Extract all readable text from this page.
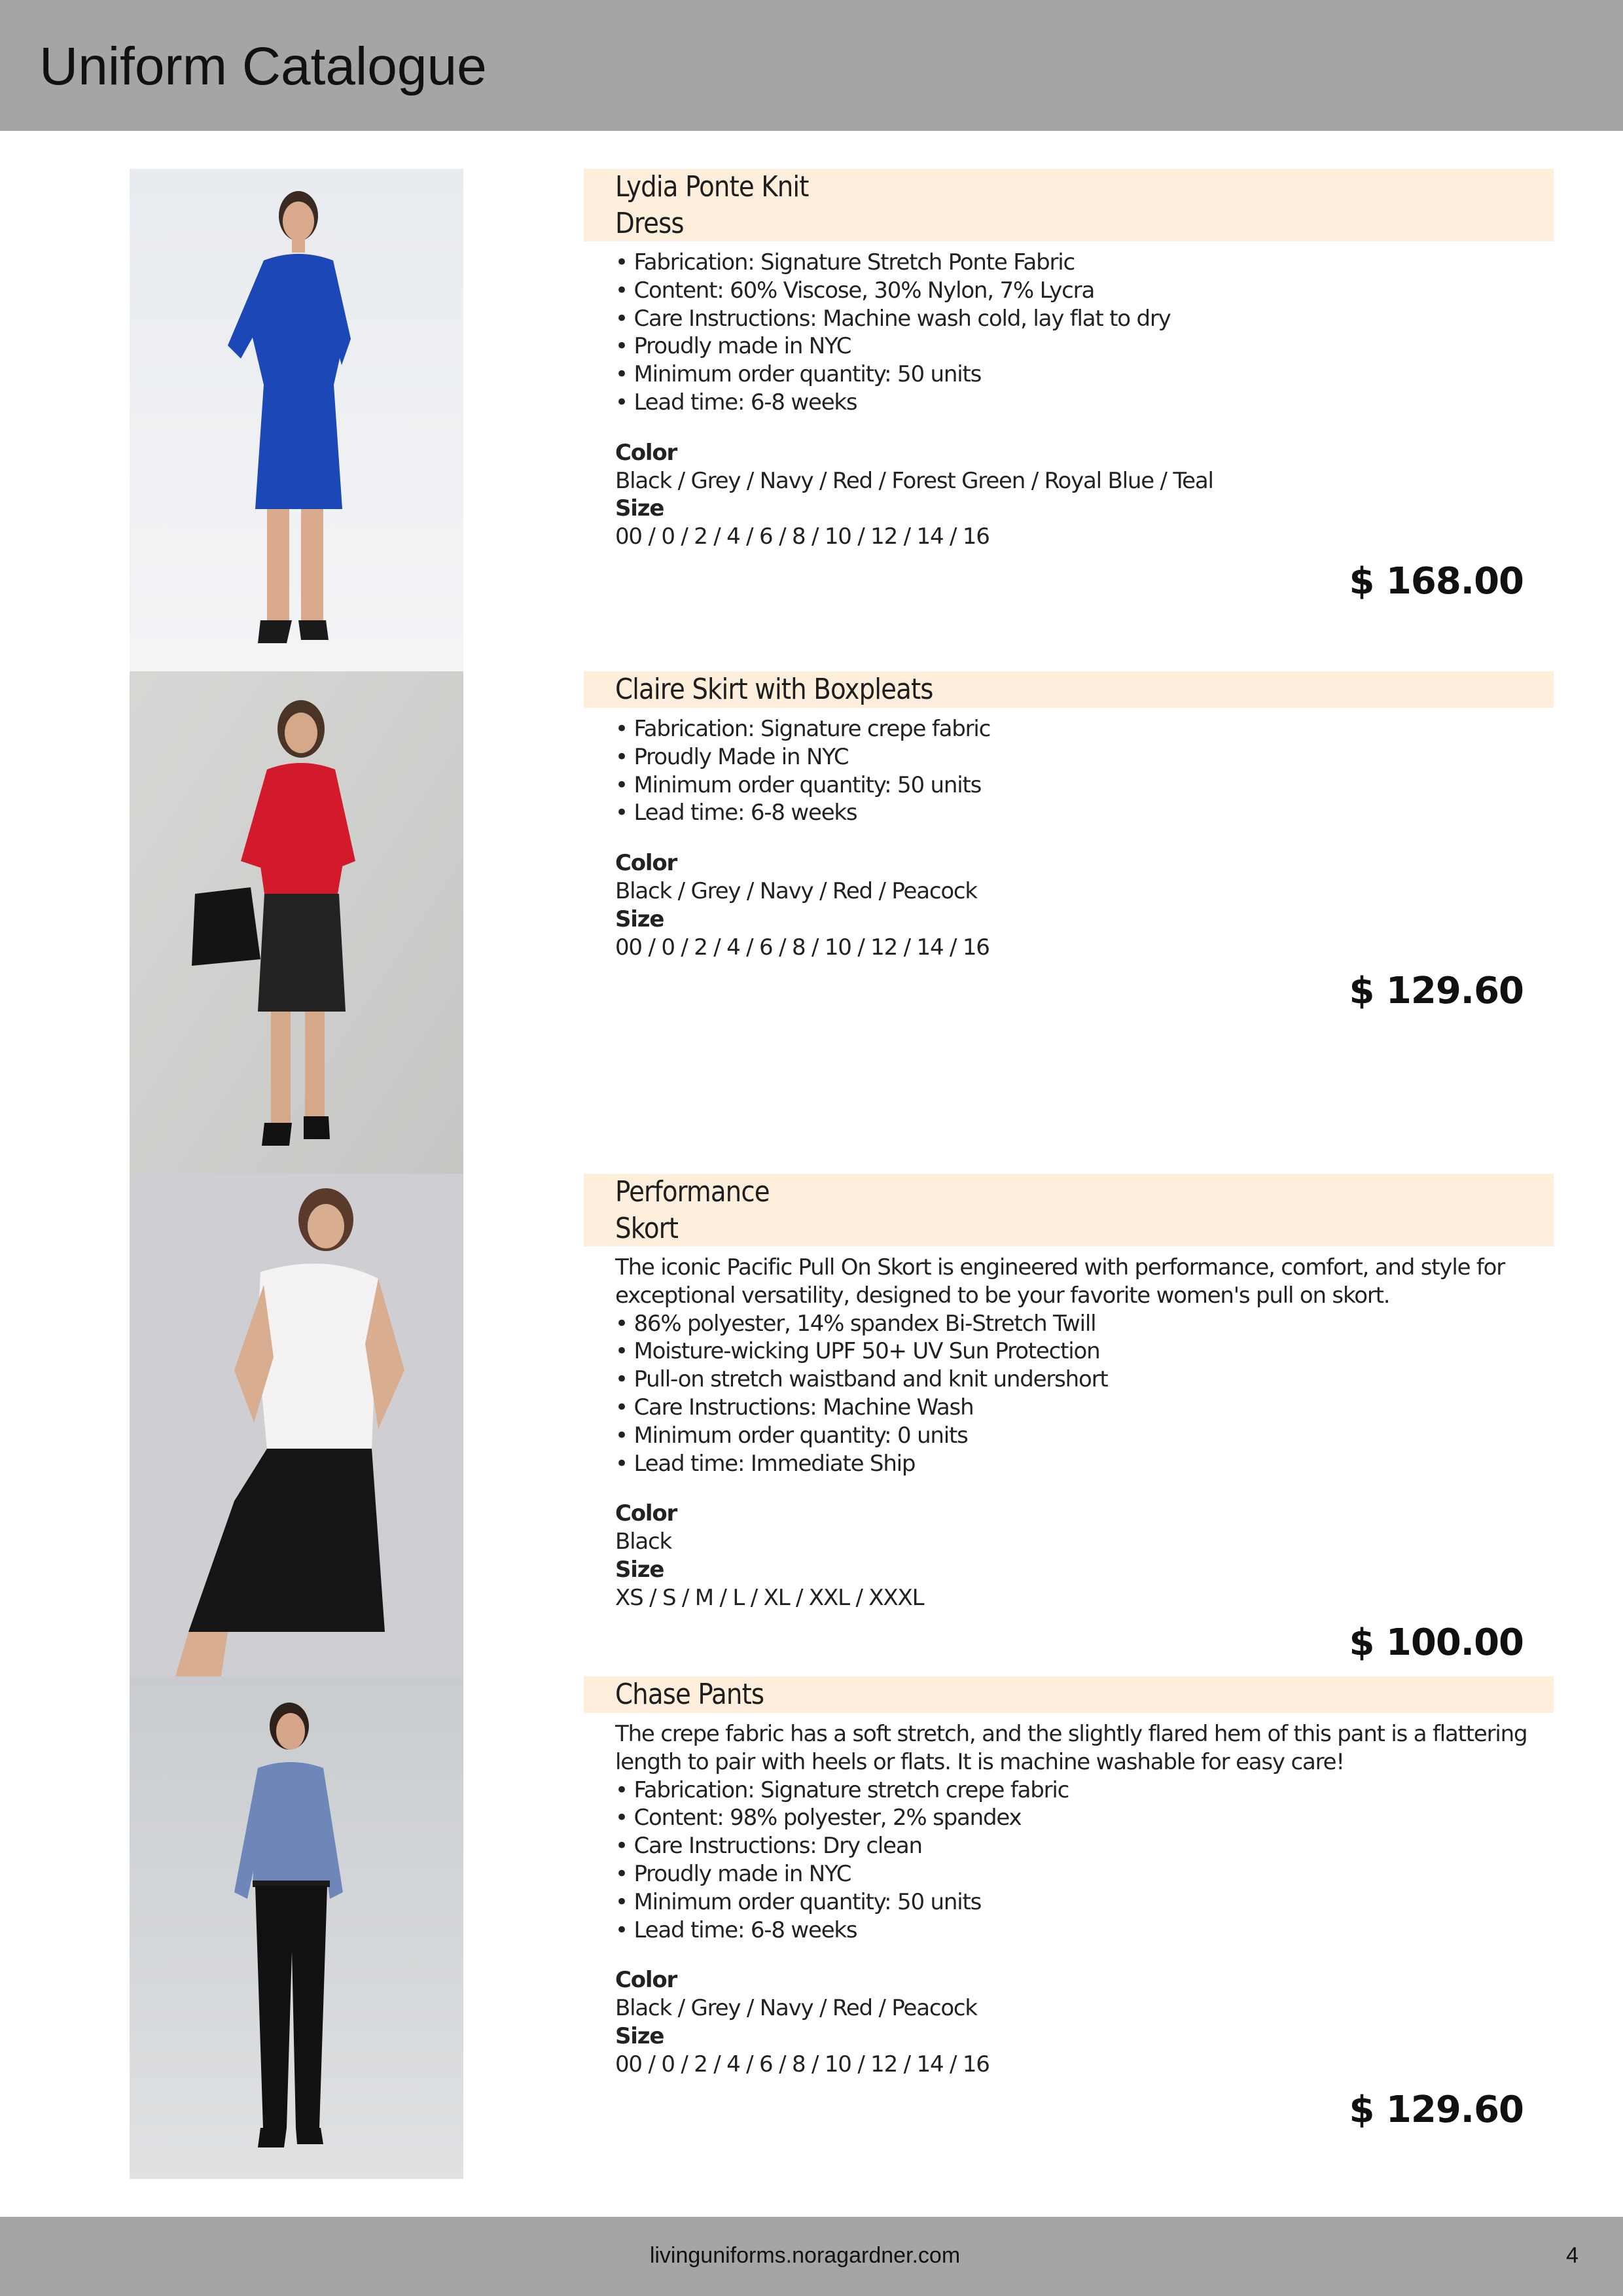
Uniform Catalogue
Lydia Ponte Knit
Dress
• Fabrication: Signature Stretch Ponte Fabric
• Content: 60% Viscose, 30% Nylon, 7% Lycra
• Care Instructions: Machine wash cold, lay flat to dry
• Proudly made in NYC
• Minimum order quantity: 50 units
• Lead time: 6-8 weeks
Color
Black / Grey / Navy / Red / Forest Green / Royal Blue / Teal
Size
00 / 0 / 2 / 4 / 6 / 8 / 10 / 12 / 14 / 16
$ 168.00
Claire Skirt with Boxpleats
• Fabrication: Signature crepe fabric
• Proudly Made in NYC
• Minimum order quantity: 50 units
• Lead time: 6-8 weeks
Color
Black / Grey / Navy / Red / Peacock
Size
00 / 0 / 2 / 4 / 6 / 8 / 10 / 12 / 14 / 16
$ 129.60
Performance
Skort
The iconic Pacific Pull On Skort is engineered with performance, comfort, and style for
exceptional versatility, designed to be your favorite women's pull on skort.
• 86% polyester, 14% spandex Bi-Stretch Twill
• Moisture-wicking UPF 50+ UV Sun Protection
• Pull-on stretch waistband and knit undershort
• Care Instructions: Machine Wash
• Minimum order quantity: 0 units
• Lead time: Immediate Ship
Color
Black
Size
XS / S / M / L / XL / XXL / XXXL
$ 100.00
Chase Pants
The crepe fabric has a soft stretch, and the slightly flared hem of this pant is a flattering
length to pair with heels or flats. It is machine washable for easy care!
• Fabrication: Signature stretch crepe fabric
• Content: 98% polyester, 2% spandex
• Care Instructions: Dry clean
• Proudly made in NYC
• Minimum order quantity: 50 units
• Lead time: 6-8 weeks
Color
Black / Grey / Navy / Red / Peacock
Size
00 / 0 / 2 / 4 / 6 / 8 / 10 / 12 / 14 / 16
$ 129.60
livinguniforms.noragardner.com	4
